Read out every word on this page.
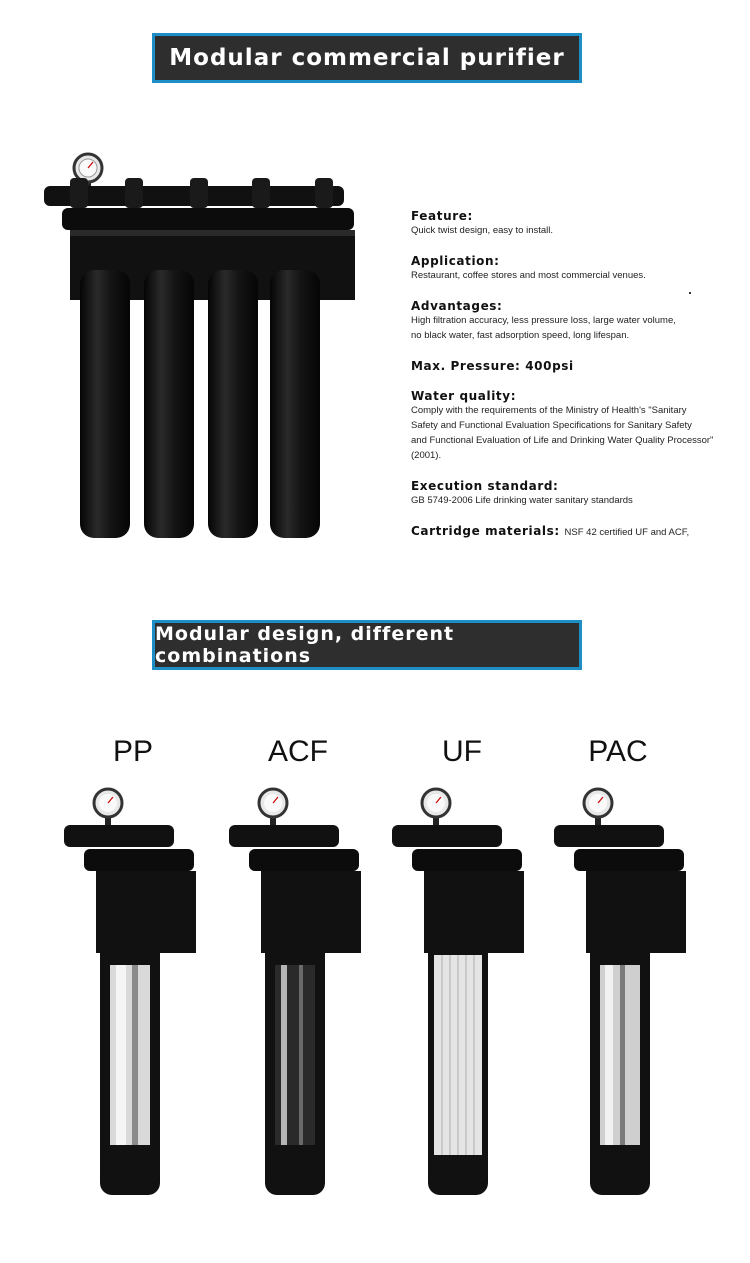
Modular commercial purifier

Feature:

Quick twist design, easy to install.

Application:

Restaurant, coffee stores and most commercial venues.

Advantages:

High filtration accuracy, less pressure loss, large water volume,
no black water, fast adsorption speed, long lifespan.

Max. Pressure: 400psi

Water quality:

Comply with the requirements of the Ministry of Health's "Sanitary
Safety and Functional Evaluation Specifications for Sanitary Safety
and Functional Evaluation of Life and Drinking Water Quality Processor"
(2001).

Execution standard:

GB 5749-2006 Life drinking water sanitary standards

Cartridge materials: NSF 42 certified UF and ACF,

Modular design, different combinations
PP	ACF	UF	PAC
